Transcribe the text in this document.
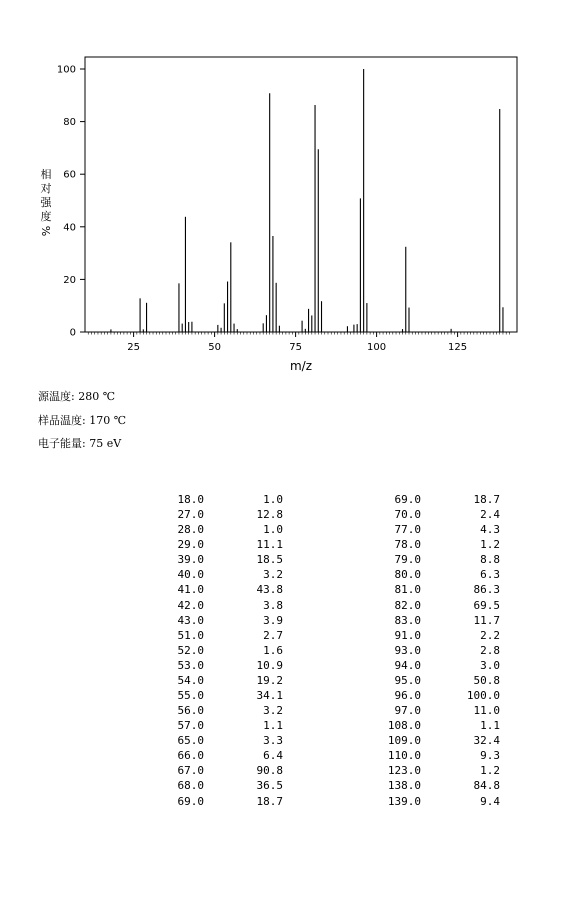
0
20
40
60
80
100
25	50	75	100	125
m/z
相对强度
%
源温度: 280 ℃
样品温度: 170 ℃
电子能量: 75 eV
18.0	1.0
27.0	12.8
28.0	1.0
29.0	11.1
39.0	18.5
40.0	3.2
41.0	43.8
42.0	3.8
43.0	3.9
51.0	2.7
52.0	1.6
53.0	10.9
54.0	19.2
55.0	34.1
56.0	3.2
57.0	1.1
65.0	3.3
66.0	6.4
67.0	90.8
68.0	36.5
69.0	18.7
69.0	18.7
70.0	2.4
77.0	4.3
78.0	1.2
79.0	8.8
80.0	6.3
81.0	86.3
82.0	69.5
83.0	11.7
91.0	2.2
93.0	2.8
94.0	3.0
95.0	50.8
96.0	100.0
97.0	11.0
108.0	1.1
109.0	32.4
110.0	9.3
123.0	1.2
138.0	84.8
139.0	9.4
